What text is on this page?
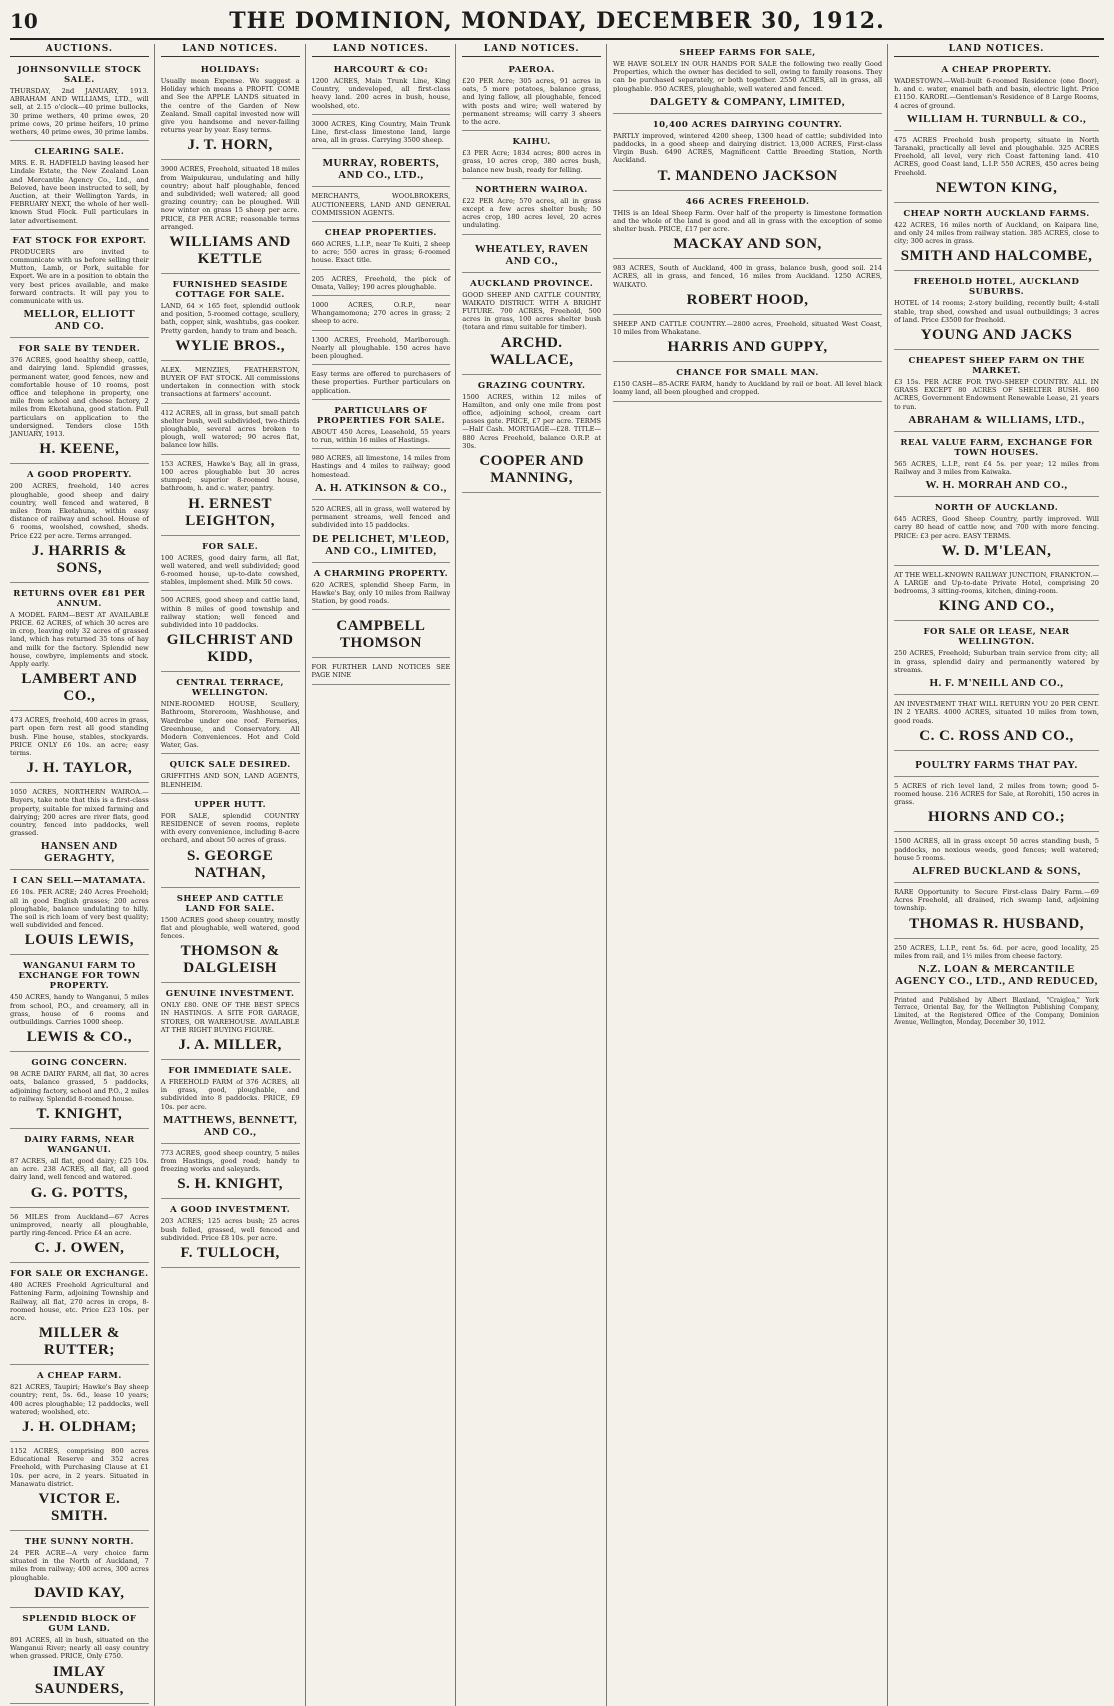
10	THE DOMINION, MONDAY, DECEMBER 30, 1912.
AUCTIONS.
JOHNSONVILLE STOCK SALE.

THURSDAY, 2nd JANUARY, 1913. ABRAHAM AND WILLIAMS, LTD., will sell, at 2.15 o'clock—40 prime bullocks, 30 prime wethers, 40 prime ewes, 20 prime cows, 20 prime heifers, 10 prime wethers, 40 prime ewes, 30 prime lambs.

CLEARING SALE.

MRS. E. R. HADFIELD having leased her Lindale Estate, the New Zealand Loan and Mercantile Agency Co., Ltd., and Beloved, have been instructed to sell, by Auction, at their Wellington Yards, in FEBRUARY NEXT, the whole of her well-known Stud Flock. Full particulars in later advertisement.

FAT STOCK FOR EXPORT.

PRODUCERS are invited to communicate with us before selling their Mutton, Lamb, or Pork, suitable for Export. We are in a position to obtain the very best prices available, and make forward contracts. It will pay you to communicate with us.

MELLOR, ELLIOTT AND CO.
FOR SALE BY TENDER.

376 ACRES, good healthy sheep, cattle, and dairying land. Splendid grasses, permanent water, good fences, new and comfortable house of 10 rooms, post office and telephone in property, one mile from school and cheese factory, 2 miles from Eketahuna, good station. Full particulars on application to the undersigned. Tenders close 15th JANUARY, 1913.

H. KEENE,
A GOOD PROPERTY.

200 ACRES, freehold, 140 acres ploughable, good sheep and dairy country, well fenced and watered, 8 miles from Eketahuna, within easy distance of railway and school. House of 6 rooms, woolshed, cowshed, sheds. Price £22 per acre. Terms arranged.

J. HARRIS & SONS,
RETURNS OVER £81 PER ANNUM.

A MODEL FARM—BEST AT AVAILABLE PRICE. 62 ACRES, of which 30 acres are in crop, leaving only 32 acres of grassed land, which has returned 35 tons of hay and milk for the factory. Splendid new house, cowbyre, implements and stock. Apply early.

LAMBERT AND CO.,

473 ACRES, freehold, 400 acres in grass, part open fern rest all good standing bush. Fine house, stables, stockyards. PRICE ONLY £6 10s. an acre; easy terms.

J. H. TAYLOR,

1050 ACRES, NORTHERN WAIROA.—Buyers, take note that this is a first-class property, suitable for mixed farming and dairying; 200 acres are river flats, good country, fenced into paddocks, well grassed.

HANSEN AND GERAGHTY,
I CAN SELL—MATAMATA.

£6 10s. PER ACRE; 240 Acres Freehold; all in good English grasses; 200 acres ploughable, balance undulating to hilly. The soil is rich loam of very best quality; well subdivided and fenced.

LOUIS LEWIS,
WANGANUI FARM TO EXCHANGE FOR TOWN PROPERTY.

450 ACRES, handy to Wanganui, 5 miles from school, P.O., and creamery, all in grass, house of 6 rooms and outbuildings. Carries 1000 sheep.

LEWIS & CO.,
GOING CONCERN.

98 ACRE DAIRY FARM, all flat, 30 acres oats, balance grassed, 5 paddocks, adjoining factory, school and P.O., 2 miles to railway. Splendid 8-roomed house.

T. KNIGHT,
DAIRY FARMS, NEAR WANGANUI.

87 ACRES, all flat, good dairy; £25 10s. an acre. 238 ACRES, all flat, all good dairy land, well fenced and watered.

G. G. POTTS,

56 MILES from Auckland—67 Acres unimproved, nearly all ploughable, partly ring-fenced. Price £4 an acre.

C. J. OWEN,
FOR SALE OR EXCHANGE.

480 ACRES Freehold Agricultural and Fattening Farm, adjoining Township and Railway, all flat, 270 acres in crops, 8-roomed house, etc. Price £23 10s. per acre.

MILLER & RUTTER;
A CHEAP FARM.

821 ACRES, Taupiri; Hawke's Bay sheep country; rent, 5s. 6d., lease 10 years; 400 acres ploughable; 12 paddocks, well watered; woolshed, etc.

J. H. OLDHAM;

1152 ACRES, comprising 800 acres Educational Reserve and 352 acres Freehold, with Purchasing Clause at £1 10s. per acre, in 2 years. Situated in Manawatu district.

VICTOR E. SMITH.
THE SUNNY NORTH.

24 PER ACRE—A very choice farm situated in the North of Auckland, 7 miles from railway; 400 acres, 300 acres ploughable.

DAVID KAY,
SPLENDID BLOCK OF GUM LAND.

891 ACRES, all in bush, situated on the Wanganui River; nearly all easy country when grassed. PRICE, Only £750.

IMLAY SAUNDERS,
LAND NOTICES.
HOLIDAYS:

Usually mean Expense. We suggest a Holiday which means a PROFIT. COME and See the APPLE LANDS situated in the centre of the Garden of New Zealand. Small capital invested now will give you handsome and never-failing returns year by year. Easy terms.

J. T. HORN,

3900 ACRES, Freehold, situated 18 miles from Waipukurau, undulating and hilly country; about half ploughable, fenced and subdivided; well watered; all good grazing country; can be ploughed. Will now winter on grass 15 sheep per acre. PRICE, £8 PER ACRE; reasonable terms arranged.

WILLIAMS AND KETTLE
FURNISHED SEASIDE COTTAGE FOR SALE.

LAND, 64 × 165 feet, splendid outlook and position, 5-roomed cottage, scullery, bath, copper, sink, washtubs, gas cooker. Pretty garden, handy to tram and beach.

WYLIE BROS.,

ALEX. MENZIES, FEATHERSTON, BUYER OF FAT STOCK. All commissions undertaken in connection with stock transactions at farmers' account.

412 ACRES, all in grass, but small patch shelter bush, well subdivided, two-thirds ploughable, several acres broken to plough, well watered; 90 acres flat, balance low hills.

153 ACRES, Hawke's Bay, all in grass, 100 acres ploughable but 30 acres stumped; superior 8-roomed house, bathroom, h. and c. water, pantry.

H. ERNEST LEIGHTON,
FOR SALE.

100 ACRES, good dairy farm, all flat, well watered, and well subdivided; good 6-roomed house, up-to-date cowshed, stables, implement shed. Milk 50 cows.

500 ACRES, good sheep and cattle land, within 8 miles of good township and railway station; well fenced and subdivided into 10 paddocks.

GILCHRIST AND KIDD,
CENTRAL TERRACE, WELLINGTON.

NINE-ROOMED HOUSE, Scullery, Bathroom, Storeroom, Washhouse, and Wardrobe under one roof. Ferneries, Greenhouse, and Conservatory. All Modern Conveniences. Hot and Cold Water, Gas.

QUICK SALE DESIRED.

GRIFFITHS AND SON, LAND AGENTS, BLENHEIM.

UPPER HUTT.

FOR SALE, splendid COUNTRY RESIDENCE of seven rooms, replete with every convenience, including 8-acre orchard, and about 50 acres of grass.

S. GEORGE NATHAN,
SHEEP AND CATTLE LAND FOR SALE.

1500 ACRES good sheep country, mostly flat and ploughable, well watered, good fences.

THOMSON & DALGLEISH
GENUINE INVESTMENT.

ONLY £80. ONE OF THE BEST SPECS IN HASTINGS. A SITE FOR GARAGE, STORES, OR WAREHOUSE. AVAILABLE AT THE RIGHT BUYING FIGURE.

J. A. MILLER,
FOR IMMEDIATE SALE.

A FREEHOLD FARM of 376 ACRES, all in grass, good, ploughable, and subdivided into 8 paddocks. PRICE, £9 10s. per acre.

MATTHEWS, BENNETT, AND CO.,

773 ACRES, good sheep country, 5 miles from Hastings, good road; handy to freezing works and saleyards.

S. H. KNIGHT,
A GOOD INVESTMENT.

203 ACRES; 125 acres bush; 25 acres bush felled, grassed, well fenced and subdivided. Price £8 10s. per acre.

F. TULLOCH,
LAND NOTICES.
HARCOURT & CO:

1200 ACRES, Main Trunk Line, King Country, undeveloped, all first-class heavy land. 200 acres in bush, house, woolshed, etc.

3000 ACRES, King Country, Main Trunk Line, first-class limestone land, large area, all in grass. Carrying 3500 sheep.

MURRAY, ROBERTS, AND CO., LTD.,

MERCHANTS, WOOLBROKERS, AUCTIONEERS, LAND AND GENERAL COMMISSION AGENTS.

CHEAP PROPERTIES.

660 ACRES, L.I.P., near Te Kuiti, 2 sheep to acre; 550 acres in grass; 6-roomed house. Exact title.

205 ACRES, Freehold, the pick of Omata, Valley; 190 acres ploughable.

1000 ACRES, O.R.P., near Whangamomona; 270 acres in grass; 2 sheep to acre.

1300 ACRES, Freehold, Marlborough. Nearly all ploughable. 150 acres have been ploughed.

Easy terms are offered to purchasers of these properties. Further particulars on application.

PARTICULARS OF PROPERTIES FOR SALE.

ABOUT 450 Acres, Leasehold, 55 years to run, within 16 miles of Hastings.

980 ACRES, all limestone, 14 miles from Hastings and 4 miles to railway; good homestead.

A. H. ATKINSON & CO.,

520 ACRES, all in grass, well watered by permanent streams, well fenced and subdivided into 15 paddocks.

DE PELICHET, M'LEOD, AND CO., LIMITED,
A CHARMING PROPERTY.

620 ACRES, splendid Sheep Farm, in Hawke's Bay, only 10 miles from Railway Station, by good roads.

CAMPBELL THOMSON

FOR FURTHER LAND NOTICES SEE PAGE NINE

LAND NOTICES.
PAEROA.

£20 PER Acre; 305 acres, 91 acres in oats, 5 more potatoes, balance grass, and lying fallow, all ploughable, fenced with posts and wire; well watered by permanent streams; will carry 3 sheers to the acre.

KAIHU.

£3 PER Acre; 1834 acres; 800 acres in grass, 10 acres crop, 380 acres bush, balance new bush, ready for felling.

NORTHERN WAIROA.

£22 PER Acre; 570 acres, all in grass except a few acres shelter bush; 50 acres crop, 180 acres level, 20 acres undulating.

WHEATLEY, RAVEN AND CO.,
AUCKLAND PROVINCE.

GOOD SHEEP AND CATTLE COUNTRY, WAIKATO DISTRICT. WITH A BRIGHT FUTURE. 700 ACRES, Freehold, 500 acres in grass, 100 acres shelter bush (totara and rimu suitable for timber).

ARCHD. WALLACE,
GRAZING COUNTRY.

1500 ACRES, within 12 miles of Hamilton, and only one mile from post office, adjoining school, cream cart passes gate. PRICE, £7 per acre. TERMS—Half Cash. MORTGAGE—£28. TITLE—880 Acres Freehold, balance O.R.P. at 30s.

COOPER AND MANNING,
SHEEP FARMS FOR SALE,

WE HAVE SOLELY IN OUR HANDS FOR SALE the following two really Good Properties, which the owner has decided to sell, owing to family reasons. They can be purchased separately, or both together. 2550 ACRES, all in grass, all ploughable. 950 ACRES, ploughable, well watered and fenced.

DALGETY & COMPANY, LIMITED,
10,400 ACRES DAIRYING COUNTRY.

PARTLY improved, wintered 4200 sheep, 1300 head of cattle; subdivided into paddocks, in a good sheep and dairying district. 13,000 ACRES, First-class Virgin Bush. 6490 ACRES, Magnificent Cattle Breeding Station, North Auckland.

T. MANDENO JACKSON
466 ACRES FREEHOLD.

THIS is an Ideal Sheep Farm. Over half of the property is limestone formation and the whole of the land is good and all in grass with the exception of some shelter bush. PRICE, £17 per acre.

MACKAY AND SON,

983 ACRES, South of Auckland, 400 in grass, balance bush, good soil. 214 ACRES, all in grass, and fenced, 16 miles from Auckland. 1250 ACRES, WAIKATO.

ROBERT HOOD,

SHEEP AND CATTLE COUNTRY.—2800 acres, Freehold, situated West Coast, 10 miles from Whakatane.

HARRIS AND GUPPY,
CHANCE FOR SMALL MAN.

£150 CASH—85-ACRE FARM, handy to Auckland by rail or boat. All level black loamy land, all been ploughed and cropped.

LAND NOTICES.
A CHEAP PROPERTY.

WADESTOWN.—Well-built 6-roomed Residence (one floor), h. and c. water, enamel bath and basin, electric light. Price £1150. KARORI.—Gentleman's Residence of 8 Large Rooms, 4 acres of ground.

WILLIAM H. TURNBULL & CO.,

475 ACRES Freehold bush property, situate in North Taranaki, practically all level and ploughable. 325 ACRES Freehold, all level, very rich Coast fattening land. 410 ACRES, good Coast land, L.I.P. 550 ACRES, 450 acres being Freehold.

NEWTON KING,
CHEAP NORTH AUCKLAND FARMS.

422 ACRES, 16 miles north of Auckland, on Kaipara line, and only 24 miles from railway station. 385 ACRES, close to city; 300 acres in grass.

SMITH AND HALCOMBE,
FREEHOLD HOTEL, AUCKLAND SUBURBS.

HOTEL of 14 rooms; 2-story building, recently built; 4-stall stable, trap shed, cowshed and usual outbuildings; 3 acres of land. Price £3500 for freehold.

YOUNG AND JACKS
CHEAPEST SHEEP FARM ON THE MARKET.

£3 15s. PER ACRE FOR TWO-SHEEP COUNTRY. ALL IN GRASS EXCEPT 80 ACRES OF SHELTER BUSH. 860 ACRES, Government Endowment Renewable Lease, 21 years to run.

ABRAHAM & WILLIAMS, LTD.,
REAL VALUE FARM, EXCHANGE FOR TOWN HOUSES.

565 ACRES, L.I.P., rent £4 5s. per year; 12 miles from Railway and 3 miles from Kaiwaka.

W. H. MORRAH AND CO.,
NORTH OF AUCKLAND.

645 ACRES, Good Sheep Country, partly improved. Will carry 80 head of cattle now, and 700 with more fencing. PRICE: £3 per acre. EASY TERMS.

W. D. M'LEAN,

AT THE WELL-KNOWN RAILWAY JUNCTION, FRANKTON.—A LARGE and Up-to-date Private Hotel, comprising 20 bedrooms, 3 sitting-rooms, kitchen, dining-room.

KING AND CO.,
FOR SALE OR LEASE, NEAR WELLINGTON.

250 ACRES, Freehold; Suburban train service from city; all in grass, splendid dairy and permanently watered by streams.

H. F. M'NEILL AND CO.,

AN INVESTMENT THAT WILL RETURN YOU 20 PER CENT. IN 2 YEARS. 4000 ACRES, situated 10 miles from town, good roads.

C. C. ROSS AND CO.,
POULTRY FARMS THAT PAY.

5 ACRES of rich level land, 2 miles from town; good 5-roomed house. 216 ACRES for Sale, at Rorohiti, 150 acres in grass.

HIORNS AND CO.;

1500 ACRES, all in grass except 50 acres standing bush, 5 paddocks, no noxious weeds, good fences; well watered; house 5 rooms.

ALFRED BUCKLAND & SONS,

RARE Opportunity to Secure First-class Dairy Farm.—69 Acres Freehold, all drained, rich swamp land, adjoining township.

THOMAS R. HUSBAND,

250 ACRES, L.I.P., rent 5s. 6d. per acre, good locality, 25 miles from rail, and 1½ miles from cheese factory.

N.Z. LOAN & MERCANTILE AGENCY CO., LTD., AND REDUCED,
Printed and Published by Albert Blaxland, "Craiglea," York Terrace, Oriental Bay, for the Wellington Publishing Company, Limited, at the Registered Office of the Company, Dominion Avenue, Wellington, Monday, December 30, 1912.
